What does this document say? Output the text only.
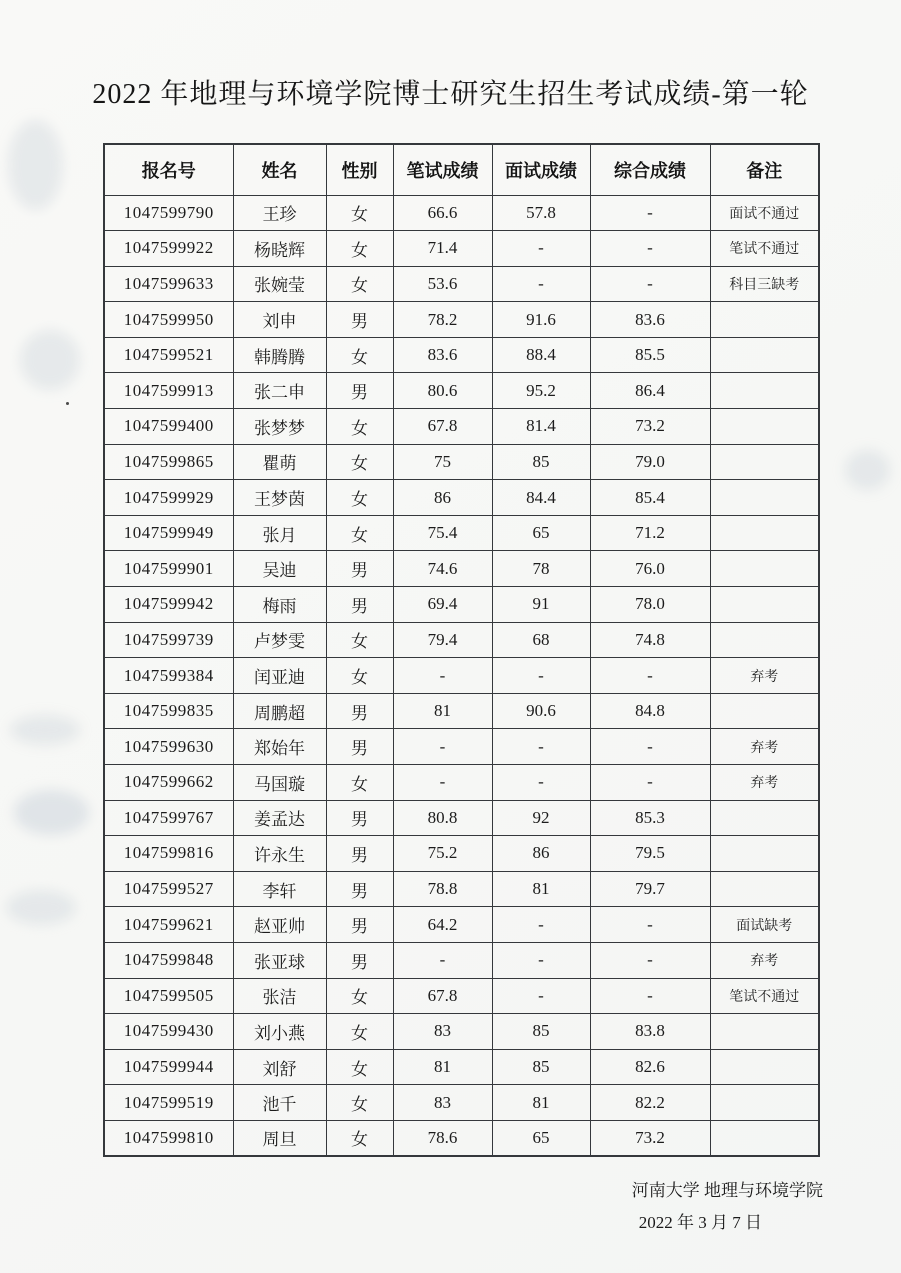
2022 年地理与环境学院博士研究生招生考试成绩-第一轮
报名号	姓名	性别	笔试成绩	面试成绩	综合成绩	备注
1047599790	王珍	女	66.6	57.8	-	面试不通过
1047599922	杨晓辉	女	71.4	-	-	笔试不通过
1047599633	张婉莹	女	53.6	-	-	科目三缺考
1047599950	刘申	男	78.2	91.6	83.6	
1047599521	韩腾腾	女	83.6	88.4	85.5	
1047599913	张二申	男	80.6	95.2	86.4	
1047599400	张梦梦	女	67.8	81.4	73.2	
1047599865	瞿萌	女	75	85	79.0	
1047599929	王梦茵	女	86	84.4	85.4	
1047599949	张月	女	75.4	65	71.2	
1047599901	吴迪	男	74.6	78	76.0	
1047599942	梅雨	男	69.4	91	78.0	
1047599739	卢梦雯	女	79.4	68	74.8	
1047599384	闰亚迪	女	-	-	-	弃考
1047599835	周鹏超	男	81	90.6	84.8	
1047599630	郑始年	男	-	-	-	弃考
1047599662	马国璇	女	-	-	-	弃考
1047599767	姜孟达	男	80.8	92	85.3	
1047599816	许永生	男	75.2	86	79.5	
1047599527	李轩	男	78.8	81	79.7	
1047599621	赵亚帅	男	64.2	-	-	面试缺考
1047599848	张亚球	男	-	-	-	弃考
1047599505	张洁	女	67.8	-	-	笔试不通过
1047599430	刘小燕	女	83	85	83.8	
1047599944	刘舒	女	81	85	82.6	
1047599519	池千	女	83	81	82.2	
1047599810	周旦	女	78.6	65	73.2	
河南大学 地理与环境学院
2022 年 3 月 7 日
